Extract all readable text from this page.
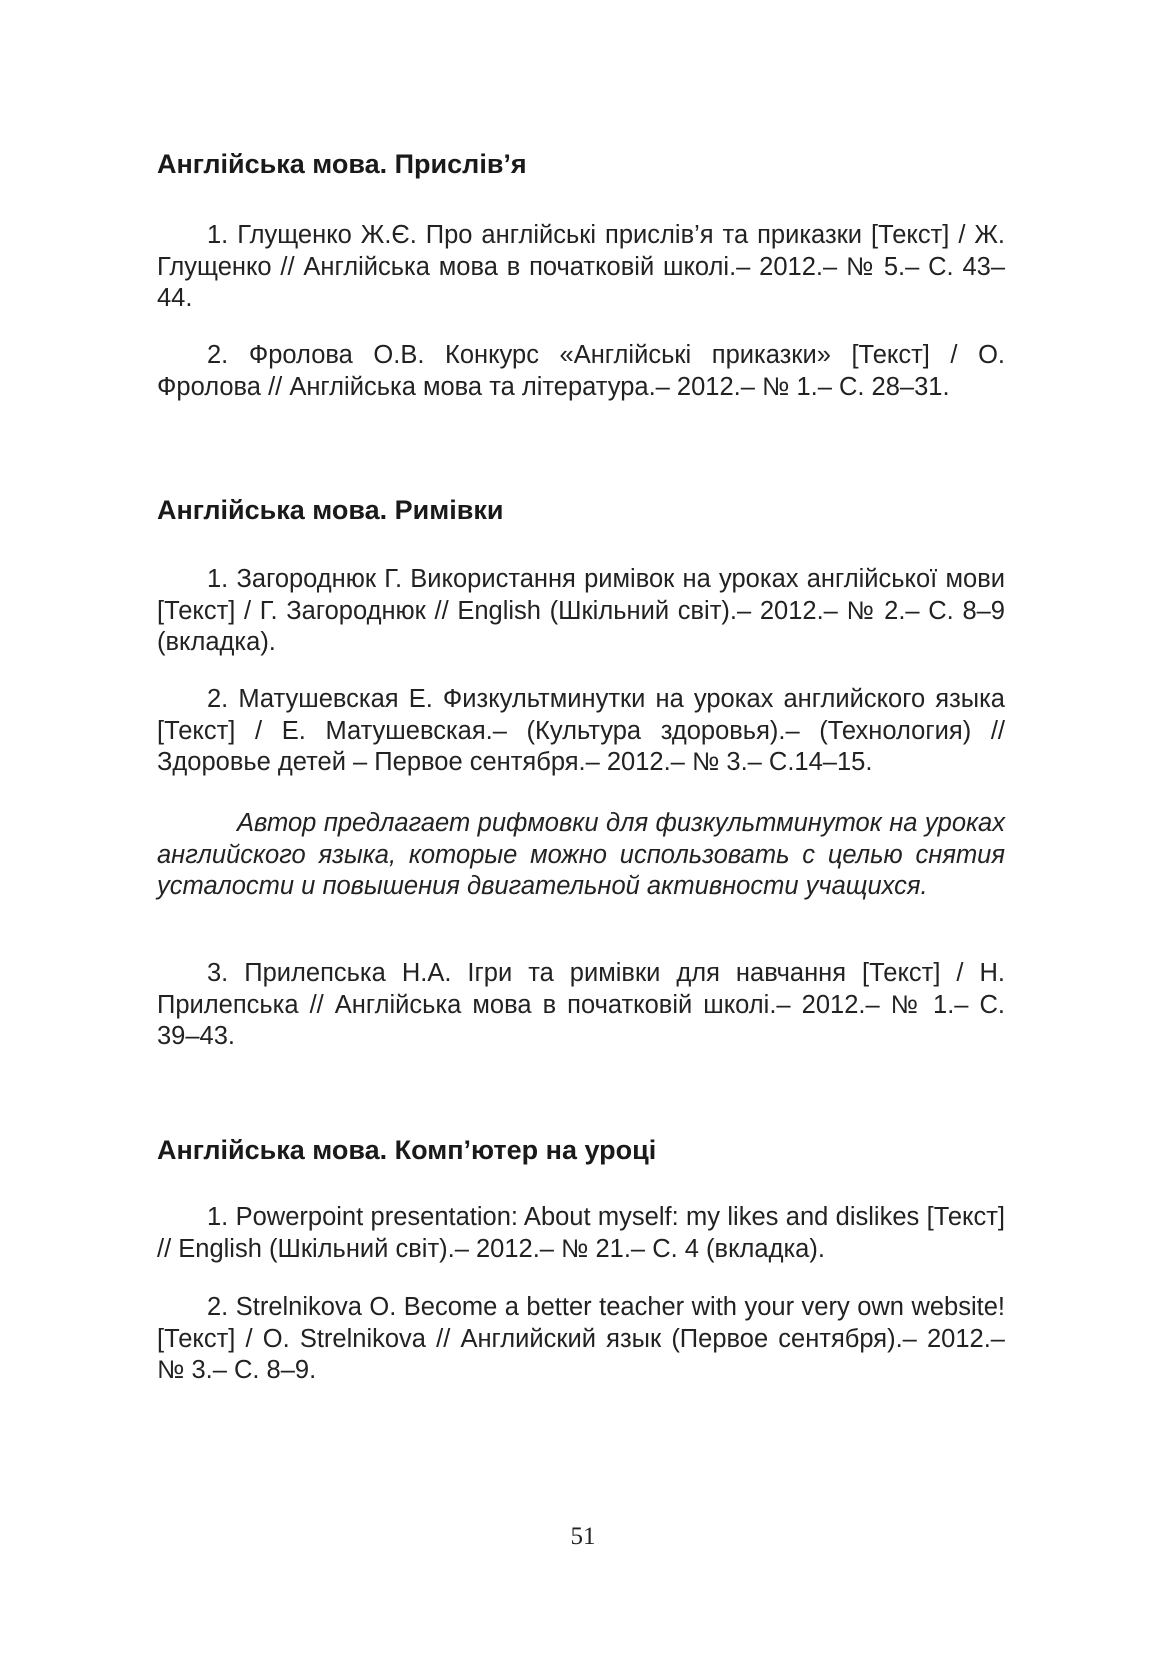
Англійська мова. Прислів’я

1. Глущенко Ж.Є. Про англійські прислів’я та приказки [Текст] / Ж. Глущенко // Англійська мова в початковій школі.– 2012.– № 5.– С. 43–44.

2. Фролова О.В. Конкурс «Англійські приказки» [Текст] / О. Фролова // Англійська мова та література.– 2012.– № 1.– С. 28–31.

Англійська мова. Римівки

1. Загороднюк Г. Використання римівок на уроках англійської мови [Текст] / Г. Загороднюк // English (Шкільний світ).– 2012.– № 2.– С. 8–9 (вкладка).

2. Матушевская Е. Физкультминутки на уроках английского языка [Текст] / Е. Матушевская.– (Культура здоровья).– (Технология) // Здоровье детей – Первое сентября.– 2012.– № 3.– С.14–15.

Автор предлагает рифмовки для физкультминуток на уроках английского языка, которые можно использовать с целью снятия усталости и повышения двигательной активности учащихся.

3. Прилепська Н.А. Ігри та римівки для навчання [Текст] / Н. Прилепська // Англійська мова в початковій школі.– 2012.– № 1.– С. 39–43.

Англійська мова. Комп’ютер на уроці

1. Powerpoint presentation: About myself: my likes and dislikes [Текст] // English (Шкільний світ).– 2012.– № 21.– С. 4 (вкладка).

2. Strelnikova O. Become a better teacher with your very own website! [Текст] / O. Strelnikova // Английский язык (Первое сентября).– 2012.– № 3.– С. 8–9.

51
